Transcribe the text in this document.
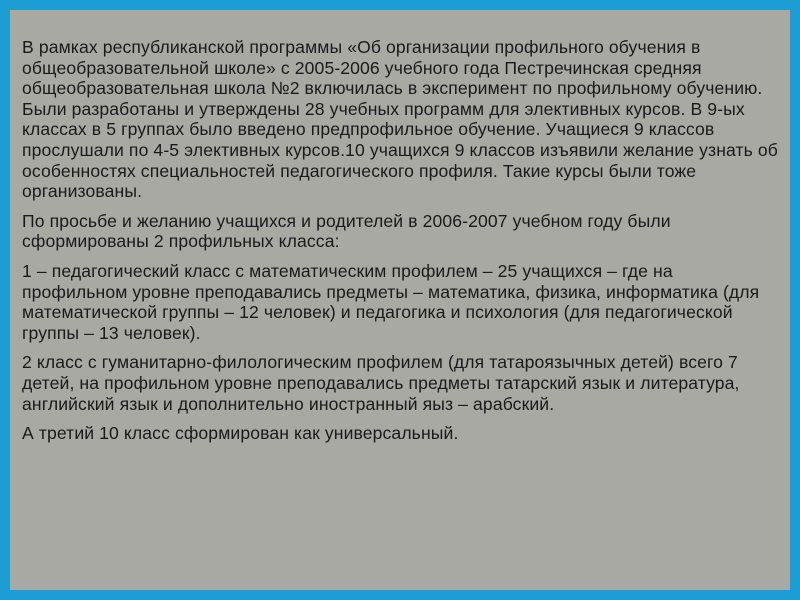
В рамках республиканской программы «Об организации профильного обучения в общеобразовательной школе» с 2005-2006 учебного года Пестречинская средняя общеобразовательная школа №2 включилась в эксперимент по профильному обучению. Были разработаны и утверждены 28 учебных программ для элективных курсов. В 9-ых классах в 5 группах было введено предпрофильное обучение. Учащиеся 9 классов прослушали по 4-5 элективных курсов.10 учащихся 9 классов изъявили желание узнать об особенностях специальностей педагогического профиля. Такие курсы были тоже организованы.

По просьбе и желанию учащихся и родителей в 2006-2007 учебном году были сформированы 2 профильных класса:

1 – педагогический класс с математическим профилем – 25 учащихся – где на профильном уровне преподавались предметы – математика, физика, информатика (для математической группы – 12 человек) и педагогика и психология (для педагогической группы – 13 человек).

2 класс с гуманитарно-филологическим профилем (для татароязычных детей) всего 7 детей, на профильном уровне преподавались предметы татарский язык и литература, английский язык и дополнительно иностранный яыз – арабский.

А третий 10 класс сформирован как универсальный.
